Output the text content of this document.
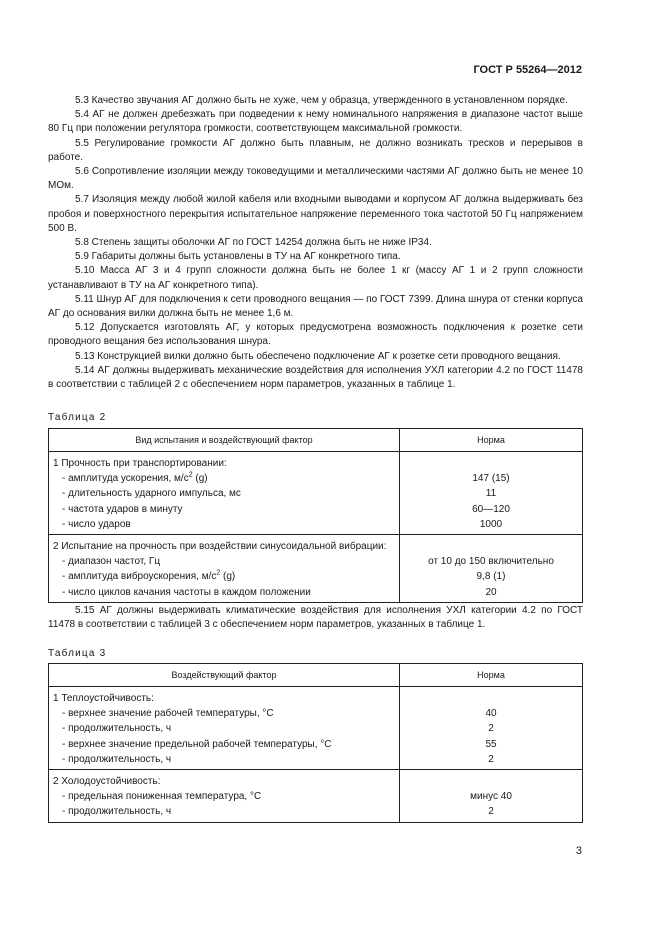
ГОСТ Р 55264—2012

5.3 Качество звучания АГ должно быть не хуже, чем у образца, утвержденного в установленном порядке.

5.4 АГ не должен дребезжать при подведении к нему номинального напряжения в диапазоне частот выше 80 Гц при положении регулятора громкости, соответствующем максимальной громкости.

5.5 Регулирование громкости АГ должно быть плавным, не должно возникать тресков и перерывов в работе.

5.6 Сопротивление изоляции между токоведущими и металлическими частями АГ должно быть не менее 10 МОм.

5.7 Изоляция между любой жилой кабеля или входными выводами и корпусом АГ должна выдерживать без пробоя и поверхностного перекрытия испытательное напряжение переменного тока частотой 50 Гц напряжением 500 В.

5.8 Степень защиты оболочки АГ по ГОСТ 14254 должна быть не ниже IP34.

5.9 Габариты должны быть установлены в ТУ на АГ конкретного типа.

5.10 Масса АГ 3 и 4 групп сложности должна быть не более 1 кг (массу АГ 1 и 2 групп сложности устанавливают в ТУ на АГ конкретного типа).

5.11 Шнур АГ для подключения к сети проводного вещания — по ГОСТ 7399. Длина шнура от стенки корпуса АГ до основания вилки должна быть не менее 1,6 м.

5.12 Допускается изготовлять АГ, у которых предусмотрена возможность подключения к розетке сети проводного вещания без использования шнура.

5.13 Конструкцией вилки должно быть обеспечено подключение АГ к розетке сети проводного вещания.

5.14 АГ должны выдерживать механические воздействия для исполнения УХЛ категории 4.2 по ГОСТ 11478 в соответствии с таблицей 2 с обеспечением норм параметров, указанных в таблице 1.

Таблица 2
Вид испытания и воздействующий фактор	Норма
1 Прочность при транспортировании:	
- амплитуда ускорения, $м/с^2$ (g)	147 (15)
- длительность ударного импульса, мс	11
- частота ударов в минуту	60—120
- число ударов	1000
2 Испытание на прочность при воздействии синусоидальной вибрации:	
- диапазон частот, Гц	от 10 до 150 включительно
- амплитуда виброускорения, $м/с^2$ (g)	9,8 (1)
- число циклов качания частоты в каждом положении	20

5.15 АГ должны выдерживать климатические воздействия для исполнения УХЛ категории 4.2 по ГОСТ 11478 в соответствии с таблицей 3 с обеспечением норм параметров, указанных в таблице 1.

Таблица 3
Воздействующий фактор	Норма
1 Теплоустойчивость:	
- верхнее значение рабочей температуры, °С	40
- продолжительность, ч	2
- верхнее значение предельной рабочей температуры, °С	55
- продолжительность, ч	2
2 Холодоустойчивость:	
- предельная пониженная температура, °С	минус 40
- продолжительность, ч	2
3
